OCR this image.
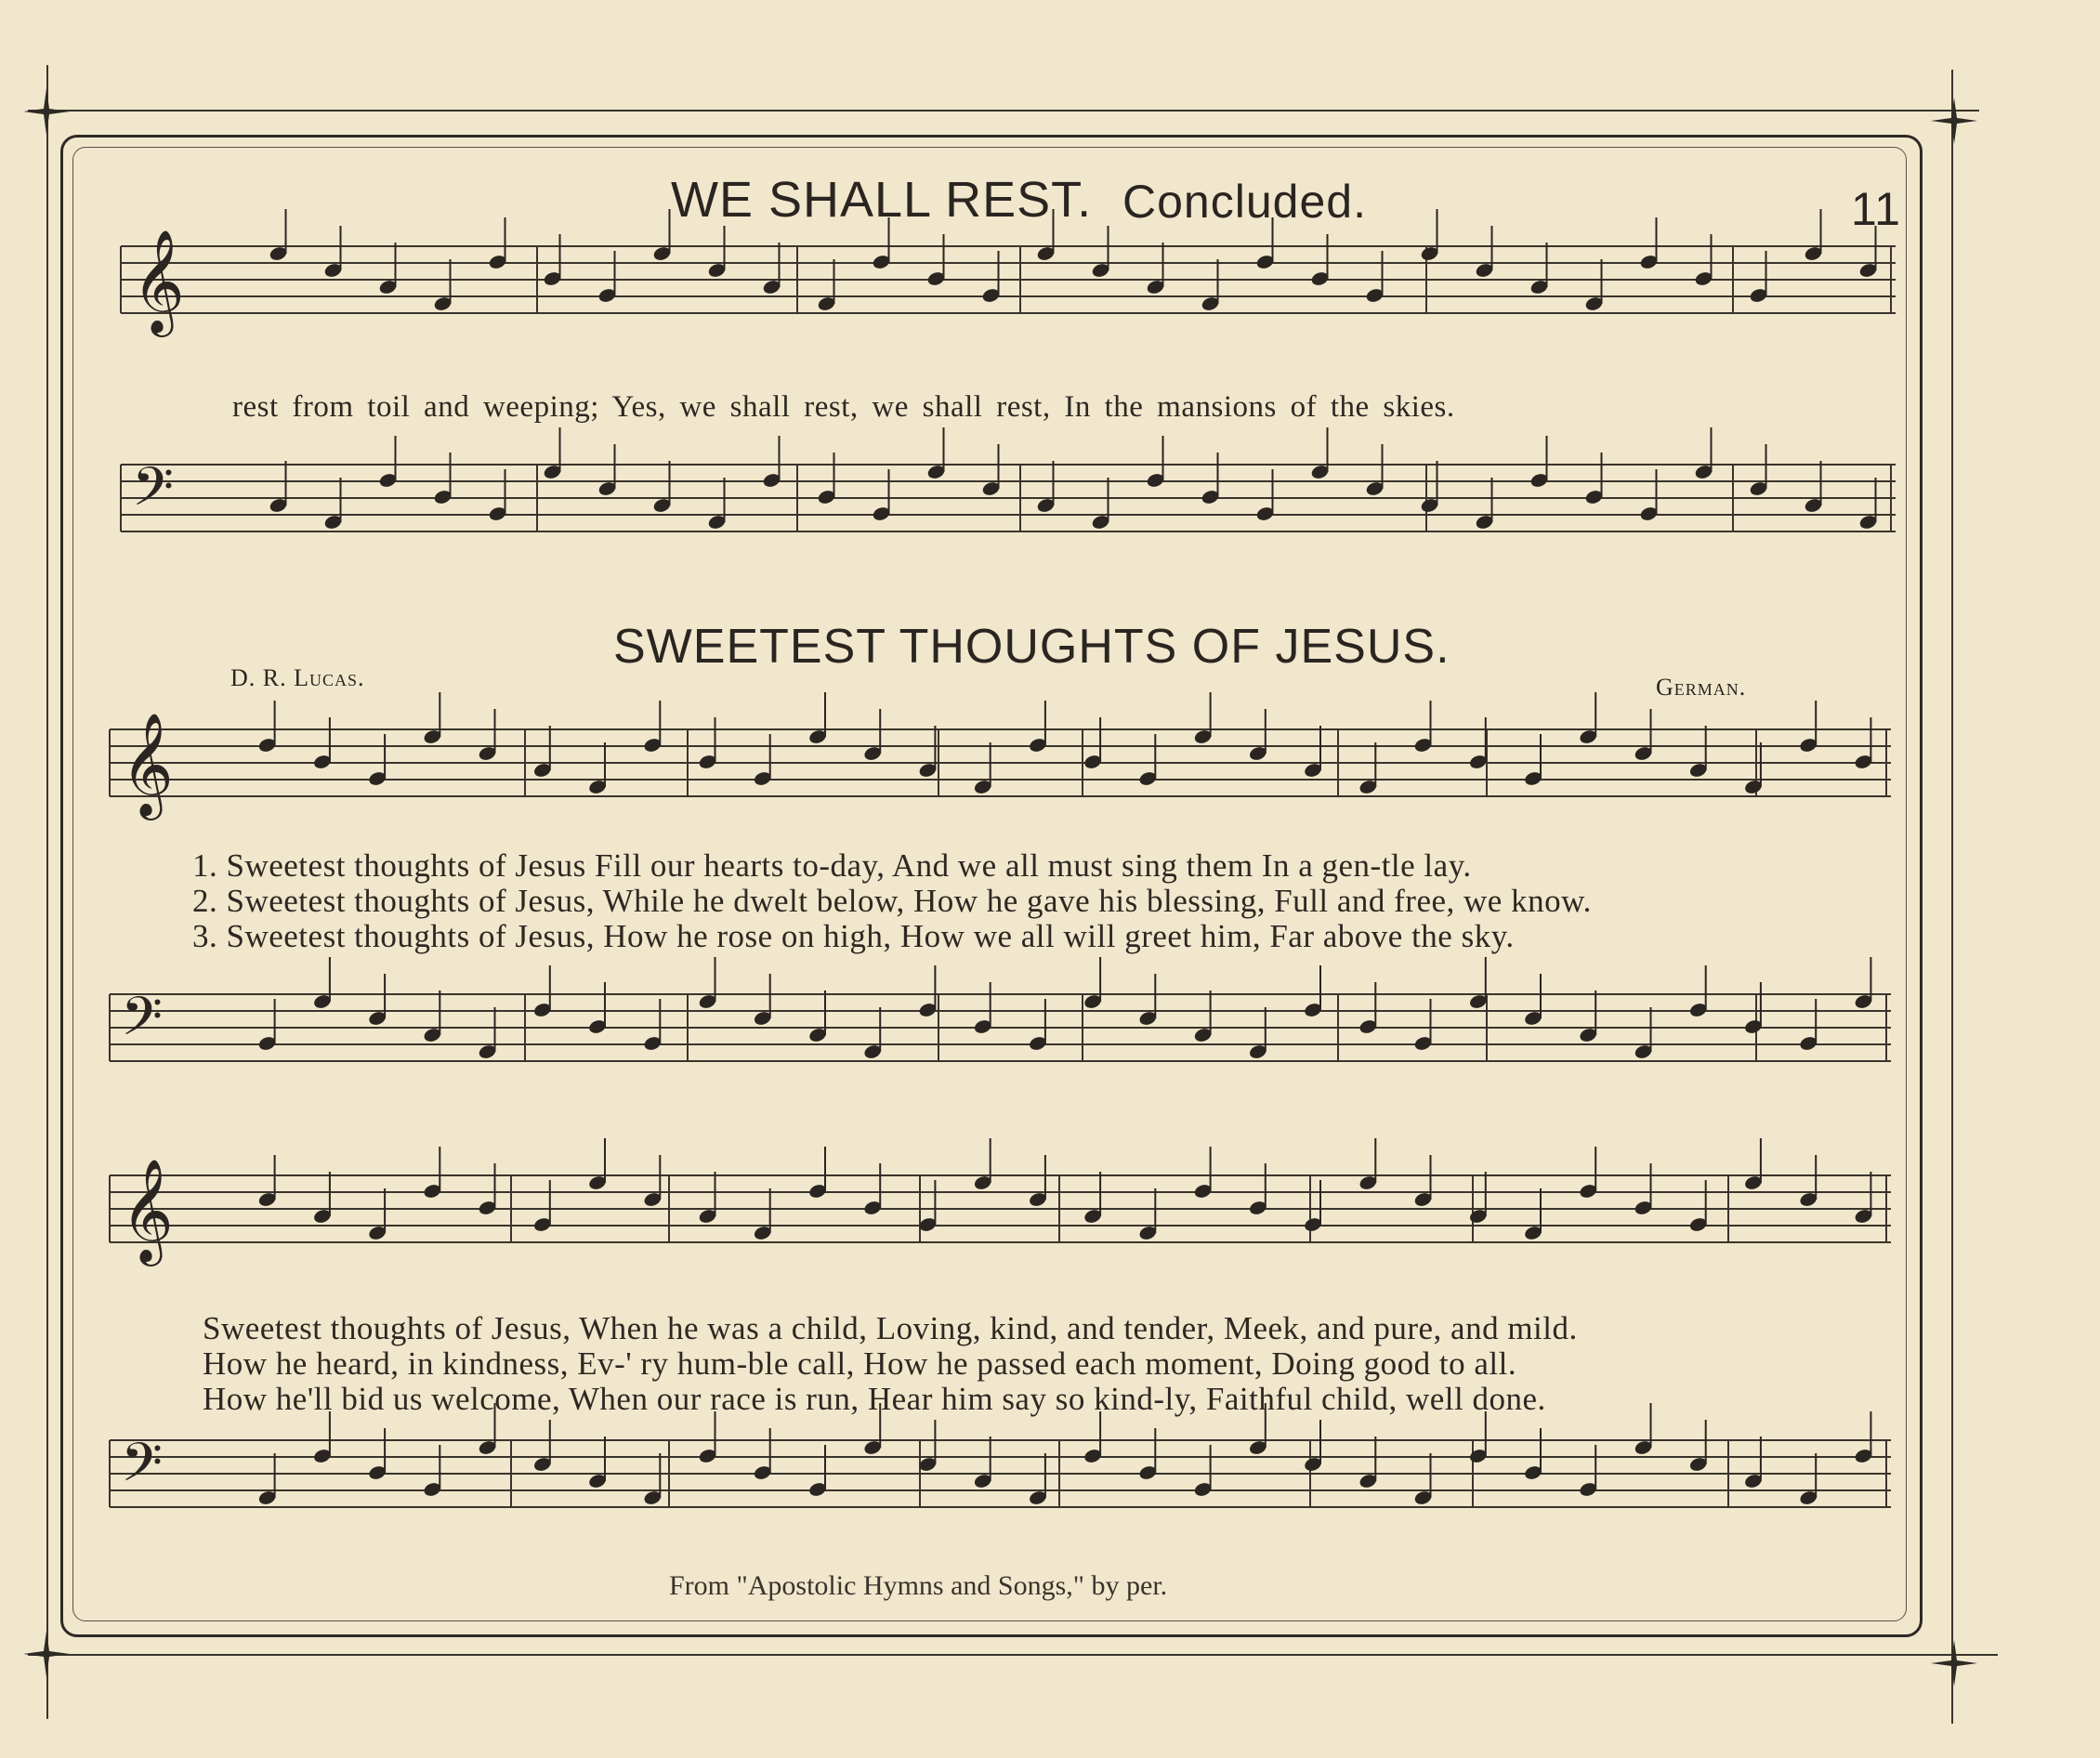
𝄞
𝄢
𝄞
𝄢
𝄞
𝄢
WE SHALL REST. Concluded.	11
rest from toil and weeping; Yes, we shall rest, we shall rest, In the mansions of the skies.
SWEETEST THOUGHTS OF JESUS.
D. R. Lucas.	German.
1. Sweetest thoughts of Jesus Fill our hearts to-day, And we all must sing them In a gen-tle lay.
2. Sweetest thoughts of Jesus, While he dwelt below, How he gave his blessing, Full and free, we know.
3. Sweetest thoughts of Jesus, How he rose on high, How we all will greet him, Far above the sky.
Sweetest thoughts of Jesus, When he was a child, Loving, kind, and tender, Meek, and pure, and mild.
How he heard, in kindness, Ev-' ry hum-ble call, How he passed each moment, Doing good to all.
How he'll bid us welcome, When our race is run, Hear him say so kind-ly, Faithful child, well done.
From "Apostolic Hymns and Songs," by per.
